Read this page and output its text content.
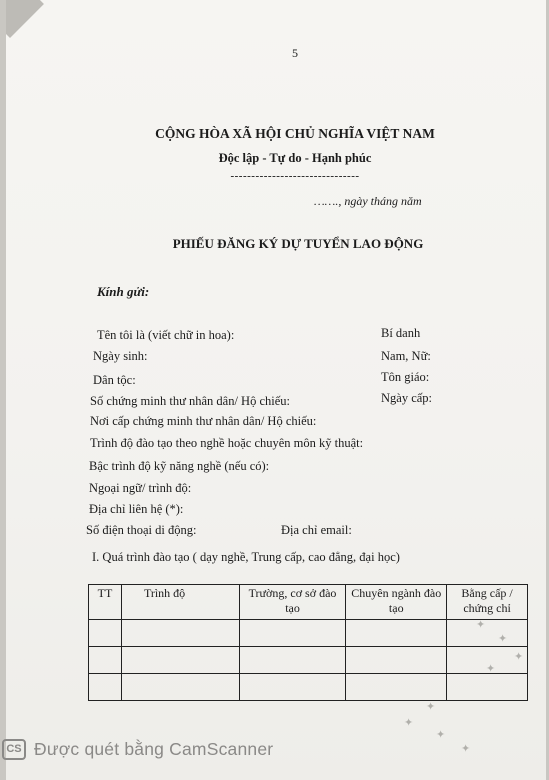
5
CỘNG HÒA XÃ HỘI CHỦ NGHĨA VIỆT NAM
Độc lập - Tự do - Hạnh phúc
-------------------------------
……., ngày tháng năm
PHIẾU ĐĂNG KÝ DỰ TUYỂN LAO ĐỘNG
Kính gửi:
Tên tôi là (viết chữ in hoa):	Bí danh
Ngày sinh:	Nam, Nữ:
Dân tộc:	Tôn giáo:
Số chứng minh thư nhân dân/ Hộ chiếu:	Ngày cấp:
Nơi cấp chứng minh thư nhân dân/ Hộ chiếu:
Trình độ đào tạo theo nghề hoặc chuyên môn kỹ thuật:
Bậc trình độ kỹ năng nghề (nếu có):
Ngoại ngữ/ trình độ:
Địa chỉ liên hệ (*):
Số điện thoại di động:	Địa chỉ email:
I. Quá trình đào tạo ( dạy nghề, Trung cấp, cao đẳng, đại học)
TT	Trình độ	Trường, cơ sở đào tạo	Chuyên ngành đào tạo	Bằng cấp / chứng chỉ

✦
✦
✦
✦
✦
✦
✦
✦
CS Được quét bằng CamScanner
